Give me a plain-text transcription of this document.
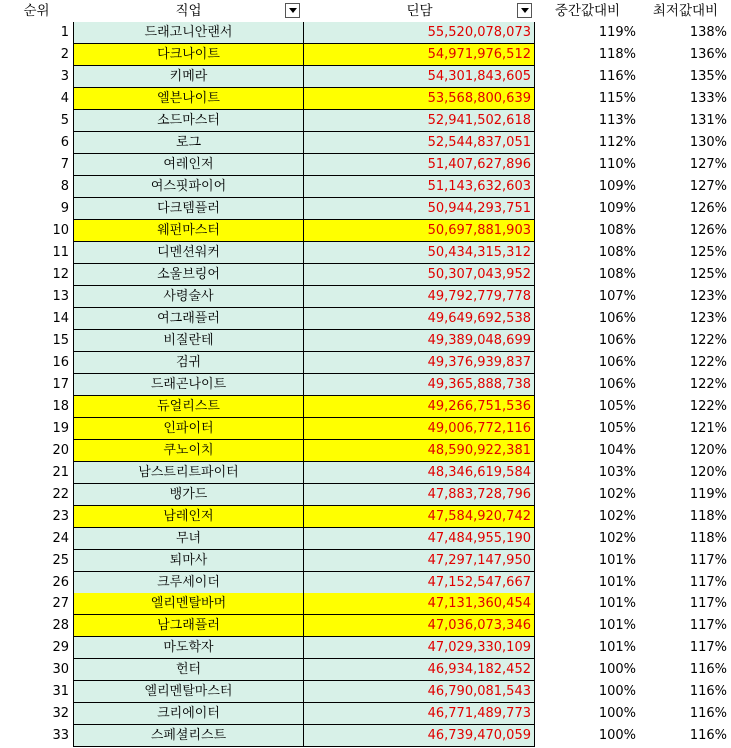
순위	직업	딘담	중간값대비	최저값대비
1	드래고니안랜서	55,520,078,073	119%	138%
2	다크나이트	54,971,976,512	118%	136%
3	키메라	54,301,843,605	116%	135%
4	엘븐나이트	53,568,800,639	115%	133%
5	소드마스터	52,941,502,618	113%	131%
6	로그	52,544,837,051	112%	130%
7	여레인저	51,407,627,896	110%	127%
8	여스핏파이어	51,143,632,603	109%	127%
9	다크템플러	50,944,293,751	109%	126%
10	웨펀마스터	50,697,881,903	108%	126%
11	디멘션워커	50,434,315,312	108%	125%
12	소울브링어	50,307,043,952	108%	125%
13	사령술사	49,792,779,778	107%	123%
14	여그래플러	49,649,692,538	106%	123%
15	비질란테	49,389,048,699	106%	122%
16	검귀	49,376,939,837	106%	122%
17	드래곤나이트	49,365,888,738	106%	122%
18	듀얼리스트	49,266,751,536	105%	122%
19	인파이터	49,006,772,116	105%	121%
20	쿠노이치	48,590,922,381	104%	120%
21	남스트리트파이터	48,346,619,584	103%	120%
22	뱅가드	47,883,728,796	102%	119%
23	남레인저	47,584,920,742	102%	118%
24	무녀	47,484,955,190	102%	118%
25	퇴마사	47,297,147,950	101%	117%
26	크루세이더	47,152,547,667	101%	117%
27	엘리멘탈바머	47,131,360,454	101%	117%
28	남그래플러	47,036,073,346	101%	117%
29	마도학자	47,029,330,109	101%	117%
30	헌터	46,934,182,452	100%	116%
31	엘리멘탈마스터	46,790,081,543	100%	116%
32	크리에이터	46,771,489,773	100%	116%
33	스페셜리스트	46,739,470,059	100%	116%
